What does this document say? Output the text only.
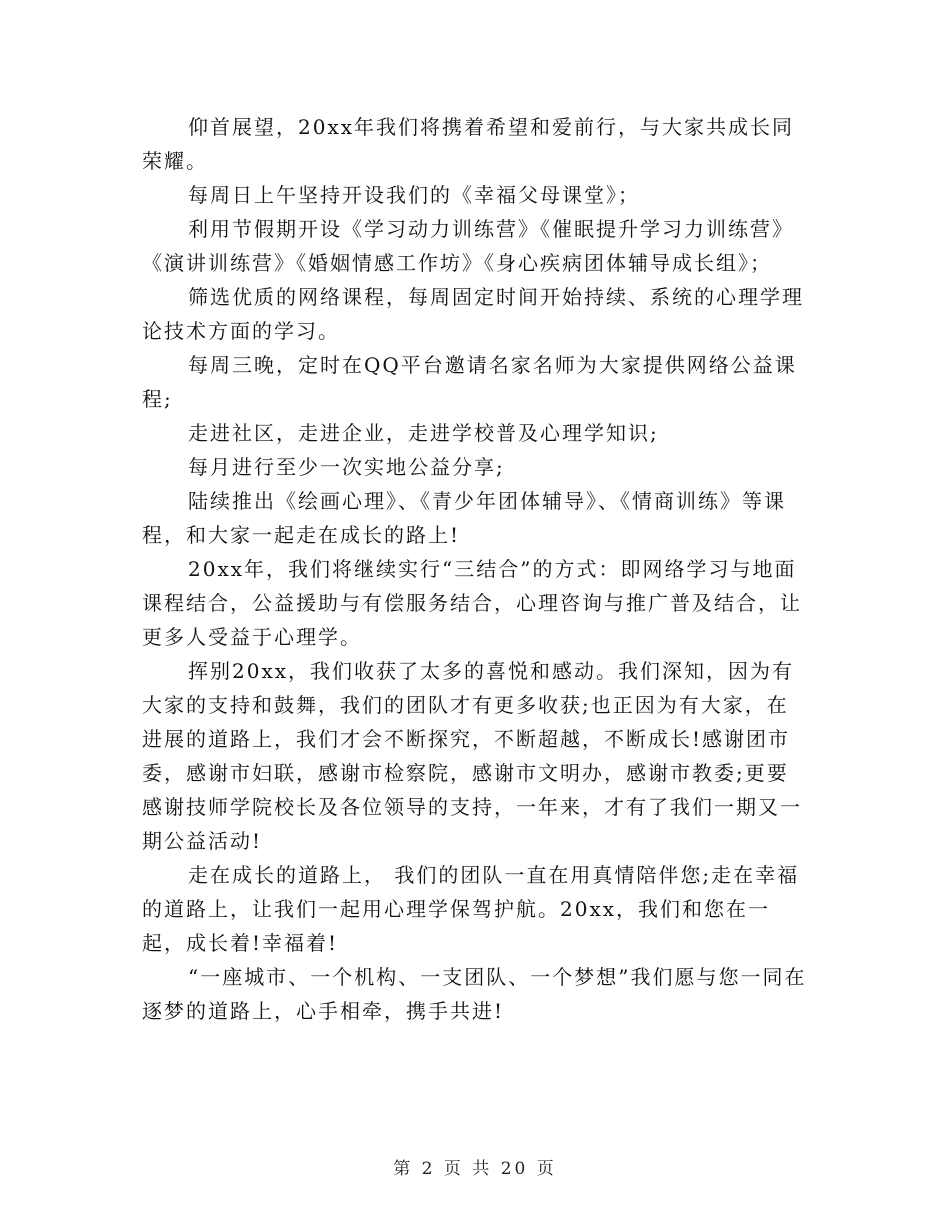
仰首展望，20xx年我们将携着希望和爱前行，与大家共成长同荣耀。

每周日上午坚持开设我们的《幸福父母课堂》；

利用节假期开设《学习动力训练营》《催眠提升学习力训练营》《演讲训练营》《婚姻情感工作坊》《身心疾病团体辅导成长组》；

筛选优质的网络课程，每周固定时间开始持续、系统的心理学理论技术方面的学习。

每周三晚，定时在QQ平台邀请名家名师为大家提供网络公益课程;

走进社区，走进企业，走进学校普及心理学知识;

每月进行至少一次实地公益分享;

陆续推出《绘画心理》、《青少年团体辅导》、《情商训练》等课程，和大家一起走在成长的路上!

20xx年，我们将继续实行“三结合”的方式：即网络学习与地面课程结合，公益援助与有偿服务结合，心理咨询与推广普及结合，让更多人受益于心理学。

挥别20xx，我们收获了太多的喜悦和感动。我们深知，因为有大家的支持和鼓舞，我们的团队才有更多收获;也正因为有大家，在进展的道路上，我们才会不断探究，不断超越，不断成长!感谢团市委，感谢市妇联，感谢市检察院，感谢市文明办，感谢市教委;更要感谢技师学院校长及各位领导的支持，一年来，才有了我们一期又一期公益活动!

走在成长的道路上， 我们的团队一直在用真情陪伴您;走在幸福的道路上，让我们一起用心理学保驾护航。20xx，我们和您在一起，成长着!幸福着!

“一座城市、一个机构、一支团队、一个梦想”我们愿与您一同在逐梦的道路上，心手相牵，携手共进!

第 2 页 共 20 页
